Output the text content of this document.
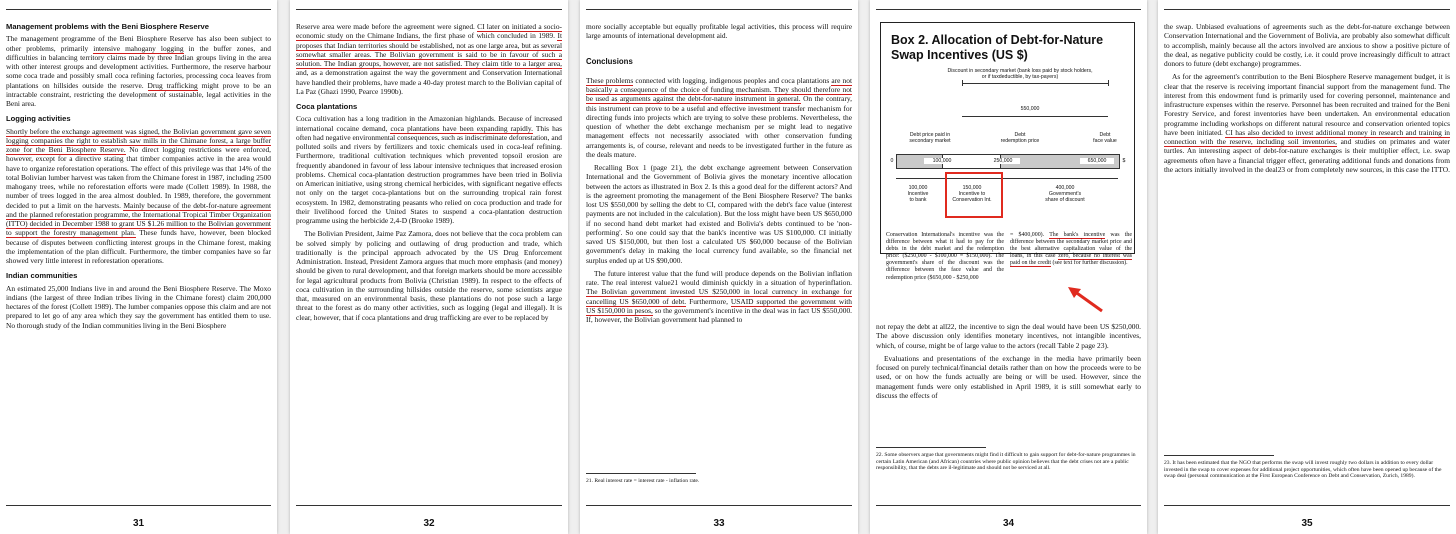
Management problems with the Beni Biosphere Reserve

The management programme of the Beni Biosphere Reserve has also been subject to other problems, primarily intensive mahogany logging in the buffer zones, and difficulties in balancing territory claims made by three Indian groups living in the area with other interest groups and development activities. Furthermore, the reserve harbour some coca trade and possibly small coca refining factories, processing coca leaves from plantations on hillsides outside the reserve. Drug trafficking might prove to be an intractable constraint, restricting the development of sustainable, legal activities in the Beni area.

Logging activities

Shortly before the exchange agreement was signed, the Bolivian government gave seven logging companies the right to establish saw mills in the Chimane forest, a large buffer zone for the Beni Biosphere Reserve. No direct logging restrictions were enforced, however, except for a directive stating that timber companies active in the area would have to organize reforestation operations. The effect of this privilege was that 14% of the total Bolivian lumber harvest was taken from the Chimane forest in 1987, including 2500 mahogany trees, while no reforestation efforts were made (Collett 1989). In 1988, the number of trees logged in the area almost doubled. In 1989, therefore, the government decided to put a limit on the harvests. Mainly because of the debt-for-nature agreement and the planned reforestation programme, the International Tropical Timber Organization (ITTO) decided in December 1988 to grant US $1.26 million to the Bolivian government to support the forestry management plan. These funds have, however, been blocked because of disputes between conflicting interest groups in the Chimane forest, making the implementation of the plan difficult. Furthermore, the timber companies have so far showed very little interest in reforestation operations.

Indian communities

An estimated 25,000 Indians live in and around the Beni Biosphere Reserve. The Moxo indians (the largest of three Indian tribes living in the Chimane forest) claim 200,000 hectares of the forest (Collett 1989). The lumber companies oppose this claim and are not prepared to let go of any area which they say the government has entitled them to use. No thorough study of the Indian communities living in the Beni Biosphere

31

Reserve area were made before the agreement were signed. CI later on initiated a socio-economic study on the Chimane Indians, the first phase of which concluded in 1989. It proposes that Indian territories should be established, not as one large area, but as several somewhat smaller areas. The Bolivian government is said to be in favour of such a solution. The Indian groups, however, are not satisfied. They claim title to a larger area, and, as a demonstration against the way the government and Conservation International have handled their problems, have made a 40-day protest march to the Bolivian capital of La Paz (Ghazi 1990, Pearce 1990b).

Coca plantations

Coca cultivation has a long tradition in the Amazonian highlands. Because of increased international cocaine demand, coca plantations have been expanding rapidly. This has often had negative environmental consequences, such as indiscriminate deforestation, and polluted soils and rivers by fertilizers and toxic chemicals used in coca-leaf refining. Furthermore, traditional cultivation techniques which prevented topsoil erosion are frequently abandoned in favour of less labour intensive techniques that increased erosion problems. Chemical coca-plantation destruction programmes have been tried in Bolivia on American initiative, using strong chemical herbicides, with significant negative effects not only on the target coca-plantations but on the surrounding tropical rain forest ecosystem. In 1982, demonstrating peasants who relied on coca production and trade for their livelihood forced the United States to suspend a coca-plantation destruction programme using the herbicide 2,4-D (Brooke 1989).

The Bolivian President, Jaime Paz Zamora, does not believe that the coca problem can be solved simply by policing and outlawing of drug production and trade, which traditionally is the principal approach advocated by the US Drug Enforcement Administration. Instead, President Zamora argues that much more emphasis (and money) should be given to rural development, and that foreign markets should be more accessible for legal agricultural products from Bolivia (Christian 1989). In respect to the effects of coca cultivation in the surrounding hillsides outside the reserve, some scientists argue that, measured on an environmental basis, these plantations do not pose such a large threat to the forest as do many other activities, such as logging (legal and illegal). It is clear, however, that if coca plantations and drug trafficking are ever to be replaced by

32

more socially acceptable but equally profitable legal activities, this process will require large amounts of international development aid.

Conclusions

These problems connected with logging, indigenous peoples and coca plantations are not basically a consequence of the choice of funding mechanism. They should therefore not be used as arguments against the debt-for-nature instrument in general. On the contrary, this instrument can prove to be a useful and effective investment transfer mechanism for directing funds into projects which are trying to solve these problems. Nevertheless, the question of whether the debt exchange mechanism per se might lead to negative management effects not necessarily associated with other conservation funding arrangements is, of course, relevant and needs to be investigated further in the future as the deals mature.

Recalling Box 1 (page 21), the debt exchange agreement between Conservation International and the Government of Bolivia gives the monetary incentive allocation between the actors as illustrated in Box 2. Is this a good deal for the different actors? And is the agreement promoting the management of the Beni Biosphere Reserve? The banks lost US $550,000 by selling the debt to CI, compared with the debt's face value (interest payments are not included in the calculation). But the loss might have been US $650,000 if no second hand debt market had existed and Bolivia's debts continued to be 'non-performing'. So one could say that the bank's incentive was US $100,000. CI initially saved US $150,000, but then lost a calculated US $60,000 because of the Bolivian government's delay in making the local currency fund available, so the financial net surplus ended up at US $90,000.

The future interest value that the fund will produce depends on the Bolivian inflation rate. The real interest value21 would diminish quickly in a situation of hyperinflation. The Bolivian government invested US $250,000 in local currency in exchange for cancelling US $650,000 of debt. Furthermore, USAID supported the government with US $150,000 in pesos, so the government's incentive in the deal was in fact US $550,000. If, however, the Bolivian government had planned to

21. Real interest rate = interest rate - inflation rate.
33
Box 2. Allocation of Debt-for-Nature
Swap Incentives (US $)
Discount in secondary market (bank loss paid by stock holders,
or if taxdeductible, by tax-payers)
550,000
Debt price paid in
secondary market
Debt
redemption price
Debt
face value
0	100,000	250,000	650,000	$
100,000
Incentive
to bank
150,000
Incentive to
Conservation Int.
400,000
Government's
share of discount
Conservation International's incentive was the difference between what it had to pay for the debts in the debt market and the redemption price: ($250,000 - $100,000 = $150,000). The government's share of the discount was the difference between the face value and the redemption price ($650,000 - $250,000
= $400,000). The bank's incentive was the difference between the secondary market price and the best alternative capitalization value of the loans, in this case zero, because no interest was paid on the credit (see text for further discussion).

not repay the debt at all22, the incentive to sign the deal would have been US $250,000. The above discussion only identifies monetary incentives, not intangible incentives, which, of course, might be of large value to the actors (recall Table 2 page 23).

Evaluations and presentations of the exchange in the media have primarily been focused on purely technical/financial details rather than on how the proceeds were to be used, or on how the funds actually are being or will be used. However, since the management funds were only established in April 1989, it is still somewhat early to discuss the effects of

22. Some observers argue that governments might find it difficult to gain support for debt-for-nature programmes in certain Latin American (and African) countries where public opinion believes that the debt crises not are a public responsibility, that the debts are il-legitimate and should not be serviced at all.
34

the swap. Unbiased evaluations of agreements such as the debt-for-nature exchange between Conservation International and the Government of Bolivia, are probably also somewhat difficult to accomplish, mainly because all the actors involved are anxious to show a positive picture of the deal, as negative publicity could be costly, i.e. it could prove increasingly difficult to attract donors to future (debt exchange) programmes.

As for the agreement's contribution to the Beni Biosphere Reserve management budget, it is clear that the reserve is receiving important financial support from the management fund. The interest from this endowment fund is primarily used for covering personnel, maintenance and infrastructure expenses within the reserve. Personnel has been recruited and trained for the Beni Forestry Service, and forest inventories have been undertaken. An environmental education programme including workshops on different natural resource and conservation oriented topics have been initiated. CI has also decided to invest additional money in research and training in connection with the reserve, including soil inventories, and studies on primates and water turtles. An interesting aspect of debt-for-nature exchanges is their multiplier effect, i.e. swap agreements often have a financial trigger effect, generating additional funds and donations from the actors initially involved in the deal23 or from completely new sources, in this case the ITTO.

23. It has been estimated that the NGO that performs the swap will invest roughly two dollars in addition to every dollar invested in the swap to cover expenses for additional project opportunities, which often have been opened up because of the swap deal (personal communication at the First European Conference on Debt and Conservation, Zurich, 1989).
35
